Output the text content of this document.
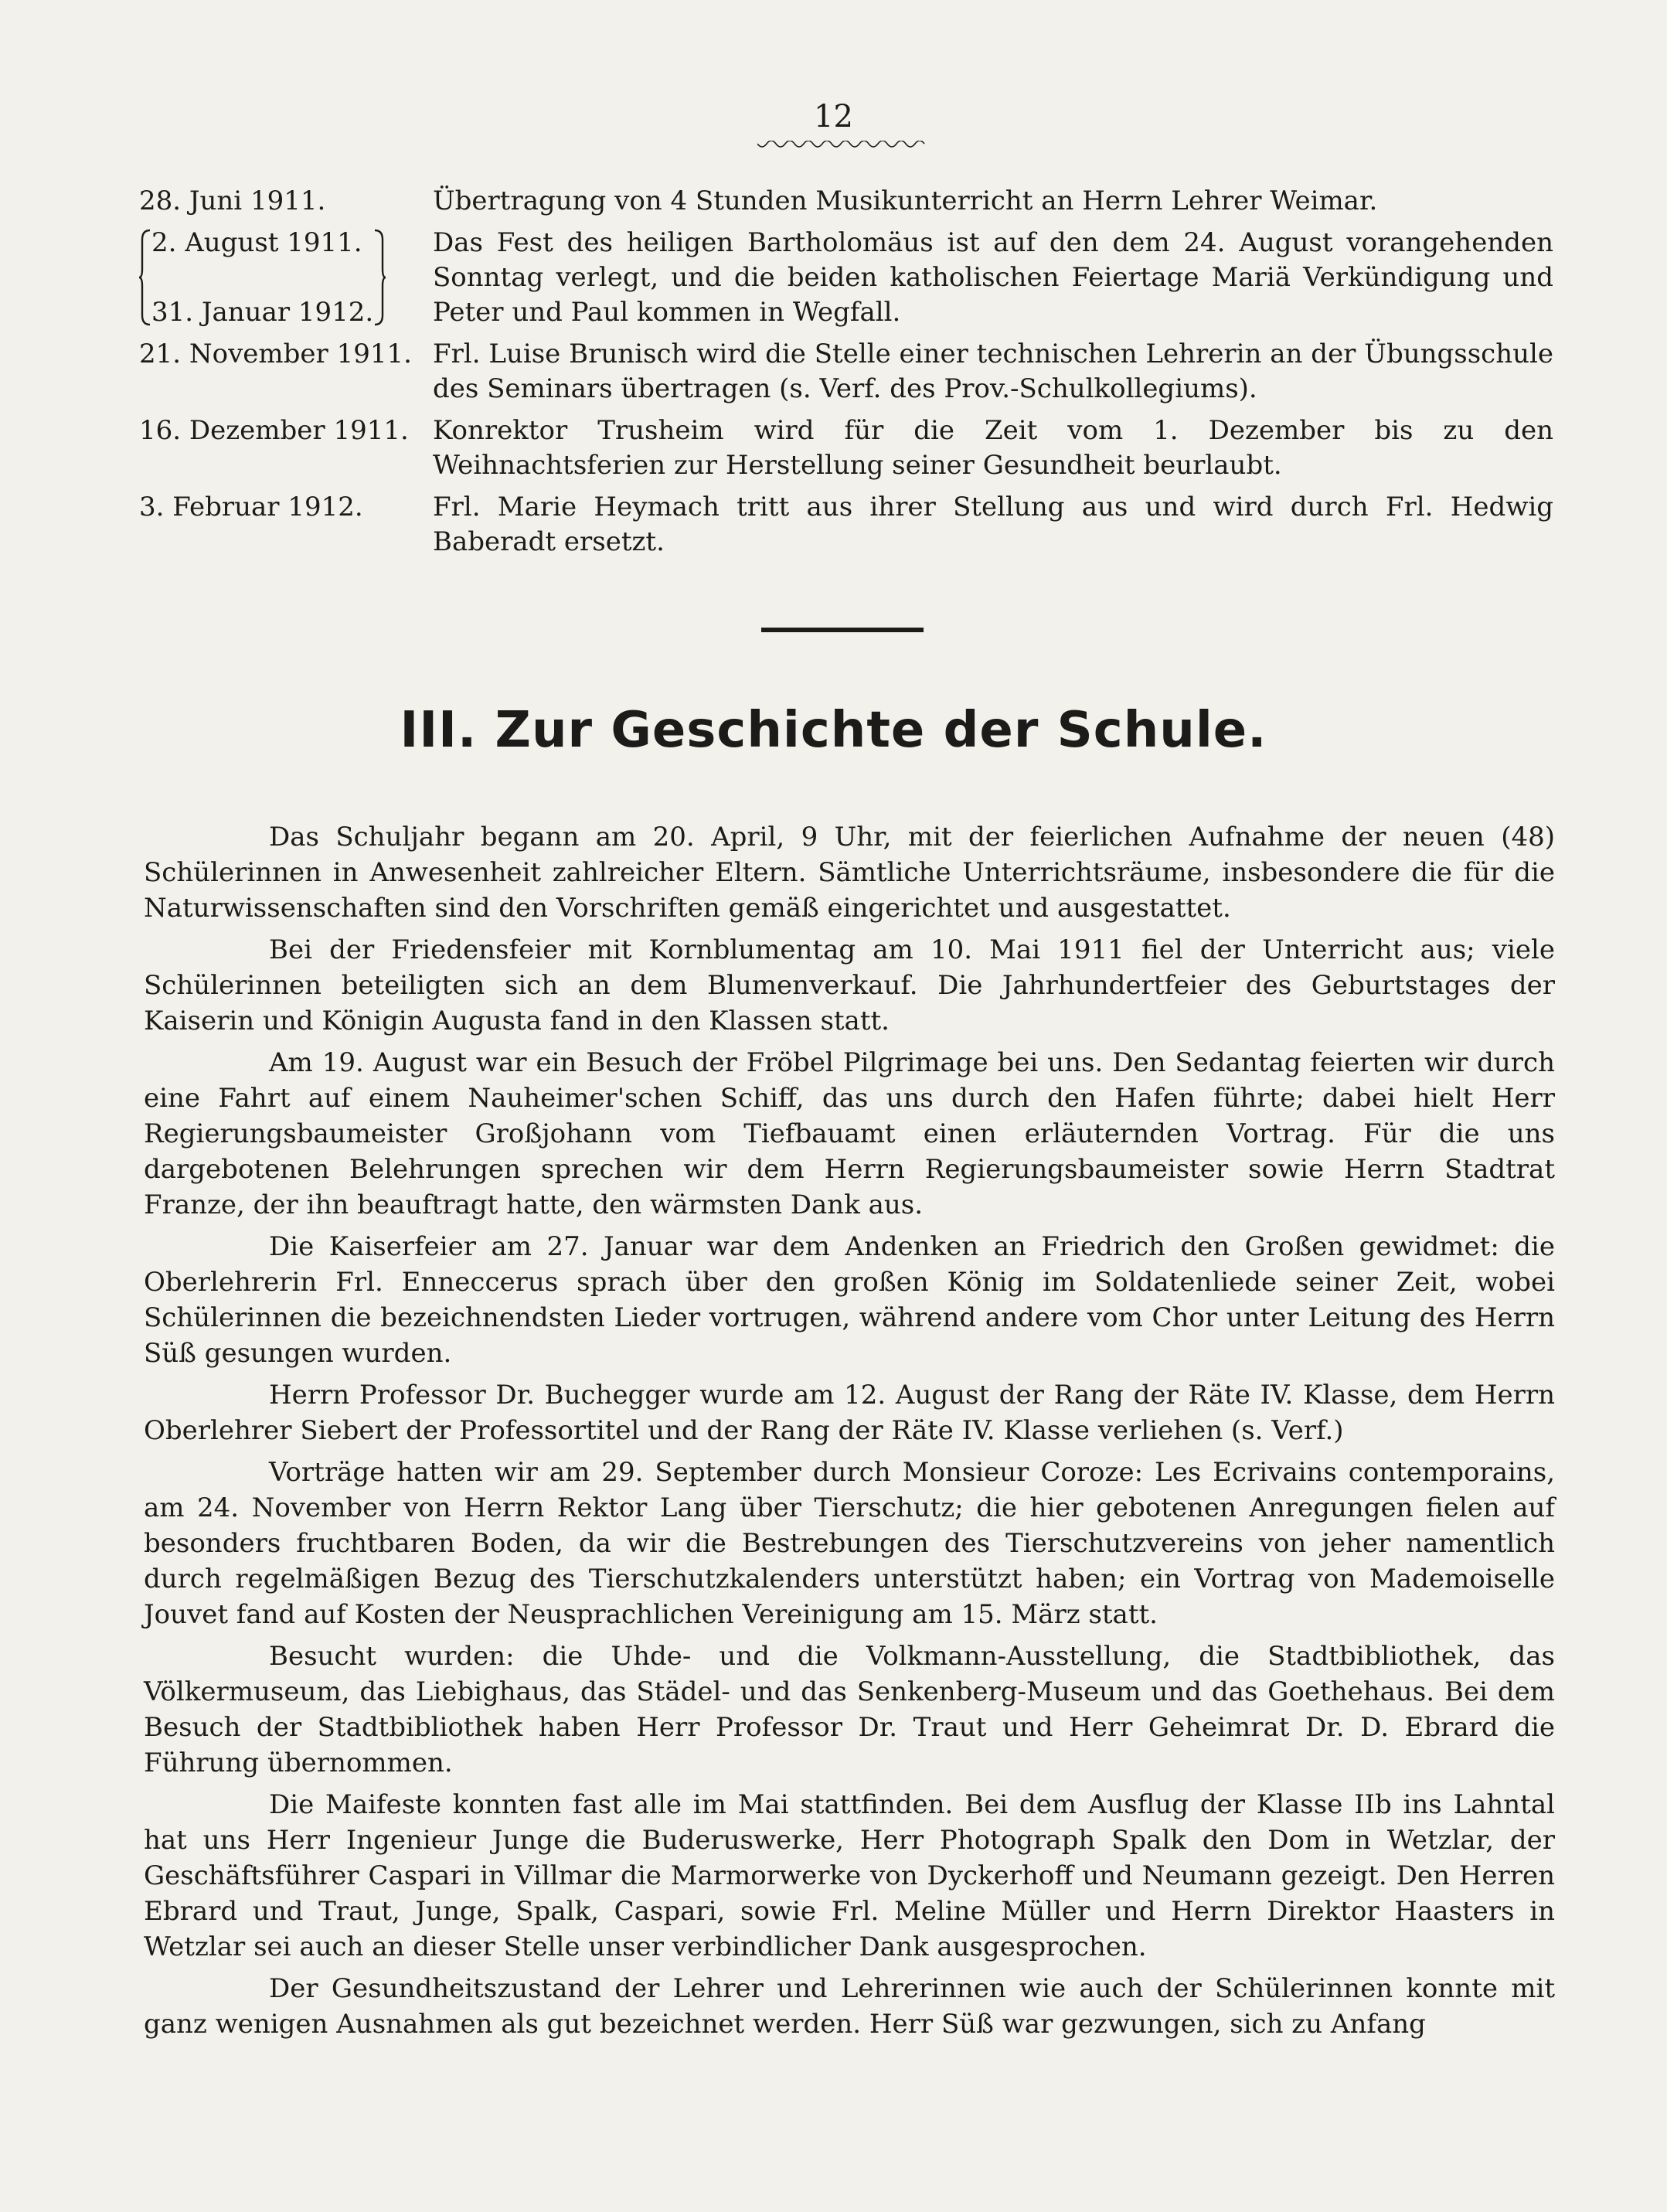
12
28. Juni 1911.	Übertragung von 4 Stunden Musikunterricht an Herrn Lehrer Weimar.

2. August 1911.
31. Januar 1912.

Das Fest des heiligen Bartholomäus ist auf den dem 24. August vorangehenden Sonntag verlegt, und die beiden katholischen Feiertage Mariä Verkündigung und Peter und Paul kommen in Wegfall.
21. November 1911. Frl. Luise Brunisch wird die Stelle einer technischen Lehrerin an der Übungsschule des Seminars übertragen (s. Verf. des Prov.-Schulkollegiums).
16. Dezember 1911. Konrektor Trusheim wird für die Zeit vom 1. Dezember bis zu den Weihnachtsferien zur Herstellung seiner Gesundheit beurlaubt.
3. Februar 1912.	Frl. Marie Heymach tritt aus ihrer Stellung aus und wird durch Frl. Hedwig Baberadt ersetzt.
III. Zur Geschichte der Schule.

Das Schuljahr begann am 20. April, 9 Uhr, mit der feierlichen Aufnahme der neuen (48) Schülerinnen in Anwesenheit zahlreicher Eltern. Sämtliche Unterrichtsräume, insbesondere die für die Naturwissenschaften sind den Vorschriften gemäß eingerichtet und ausgestattet.

Bei der Friedensfeier mit Kornblumentag am 10. Mai 1911 fiel der Unterricht aus; viele Schülerinnen beteiligten sich an dem Blumenverkauf. Die Jahrhundertfeier des Geburtstages der Kaiserin und Königin Augusta fand in den Klassen statt.

Am 19. August war ein Besuch der Fröbel Pilgrimage bei uns. Den Sedantag feierten wir durch eine Fahrt auf einem Nauheimer'schen Schiff, das uns durch den Hafen führte; dabei hielt Herr Regierungsbaumeister Großjohann vom Tiefbauamt einen erläuternden Vortrag. Für die uns dargebotenen Belehrungen sprechen wir dem Herrn Regierungsbaumeister sowie Herrn Stadtrat Franze, der ihn beauftragt hatte, den wärmsten Dank aus.

Die Kaiserfeier am 27. Januar war dem Andenken an Friedrich den Großen gewidmet: die Oberlehrerin Frl. Enneccerus sprach über den großen König im Soldatenliede seiner Zeit, wobei Schülerinnen die bezeichnendsten Lieder vortrugen, während andere vom Chor unter Leitung des Herrn Süß gesungen wurden.

Herrn Professor Dr. Buchegger wurde am 12. August der Rang der Räte IV. Klasse, dem Herrn Oberlehrer Siebert der Professortitel und der Rang der Räte IV. Klasse verliehen (s. Verf.)

Vorträge hatten wir am 29. September durch Monsieur Coroze: Les Ecrivains contemporains, am 24. November von Herrn Rektor Lang über Tierschutz; die hier gebotenen Anregungen fielen auf besonders fruchtbaren Boden, da wir die Bestrebungen des Tierschutzvereins von jeher namentlich durch regelmäßigen Bezug des Tierschutzkalenders unterstützt haben; ein Vortrag von Mademoiselle Jouvet fand auf Kosten der Neusprachlichen Vereinigung am 15. März statt.

Besucht wurden: die Uhde- und die Volkmann-Ausstellung, die Stadtbibliothek, das Völkermuseum, das Liebighaus, das Städel- und das Senkenberg-Museum und das Goethehaus. Bei dem Besuch der Stadtbibliothek haben Herr Professor Dr. Traut und Herr Geheimrat Dr. D. Ebrard die Führung übernommen.

Die Maifeste konnten fast alle im Mai stattfinden. Bei dem Ausflug der Klasse IIb ins Lahntal hat uns Herr Ingenieur Junge die Buderuswerke, Herr Photograph Spalk den Dom in Wetzlar, der Geschäftsführer Caspari in Villmar die Marmorwerke von Dyckerhoff und Neumann gezeigt. Den Herren Ebrard und Traut, Junge, Spalk, Caspari, sowie Frl. Meline Müller und Herrn Direktor Haasters in Wetzlar sei auch an dieser Stelle unser verbindlicher Dank ausgesprochen.

Der Gesundheitszustand der Lehrer und Lehrerinnen wie auch der Schülerinnen konnte mit ganz wenigen Ausnahmen als gut bezeichnet werden. Herr Süß war gezwungen, sich zu Anfang
